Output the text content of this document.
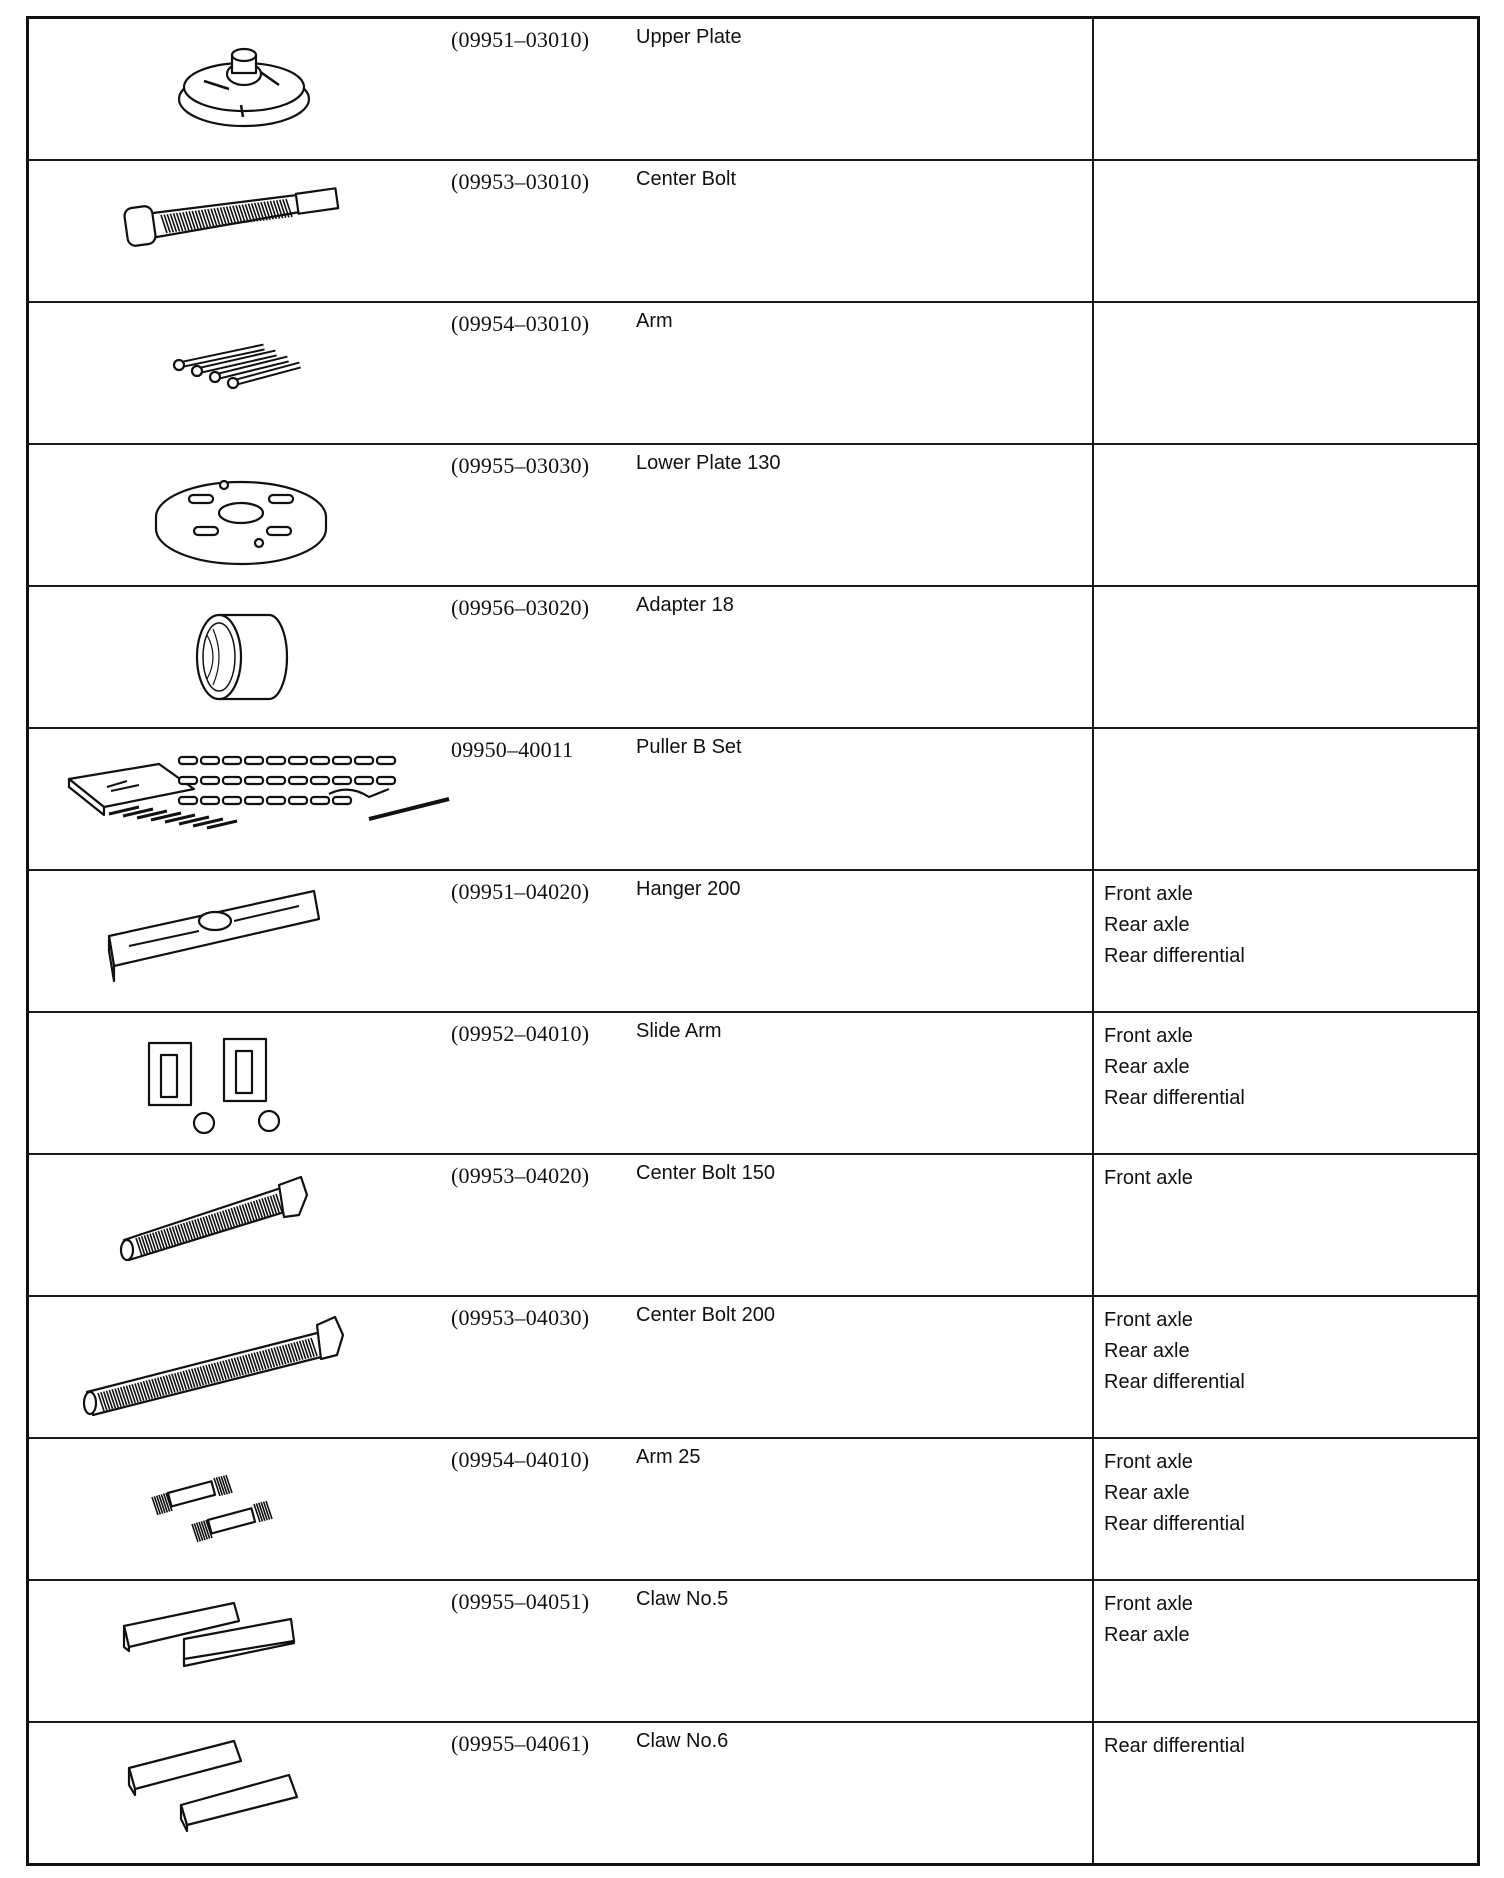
(09951–03010) Upper Plate	

(09953–03010) Center Bolt	

(09954–03010) Arm	

(09955–03030) Lower Plate 130	

(09956–03020) Adapter 18	

09950–40011 Puller B Set	

(09951–04020) Hanger 200	Front axle
Rear axle
Rear differential

(09952–04010) Slide Arm	Front axle
Rear axle
Rear differential

(09953–04020) Center Bolt 150	Front axle

(09953–04030) Center Bolt 200	Front axle
Rear axle
Rear differential

(09954–04010) Arm 25	Front axle
Rear axle
Rear differential

(09955–04051) Claw No.5	Front axle
Rear axle

(09955–04061) Claw No.6	Rear differential
